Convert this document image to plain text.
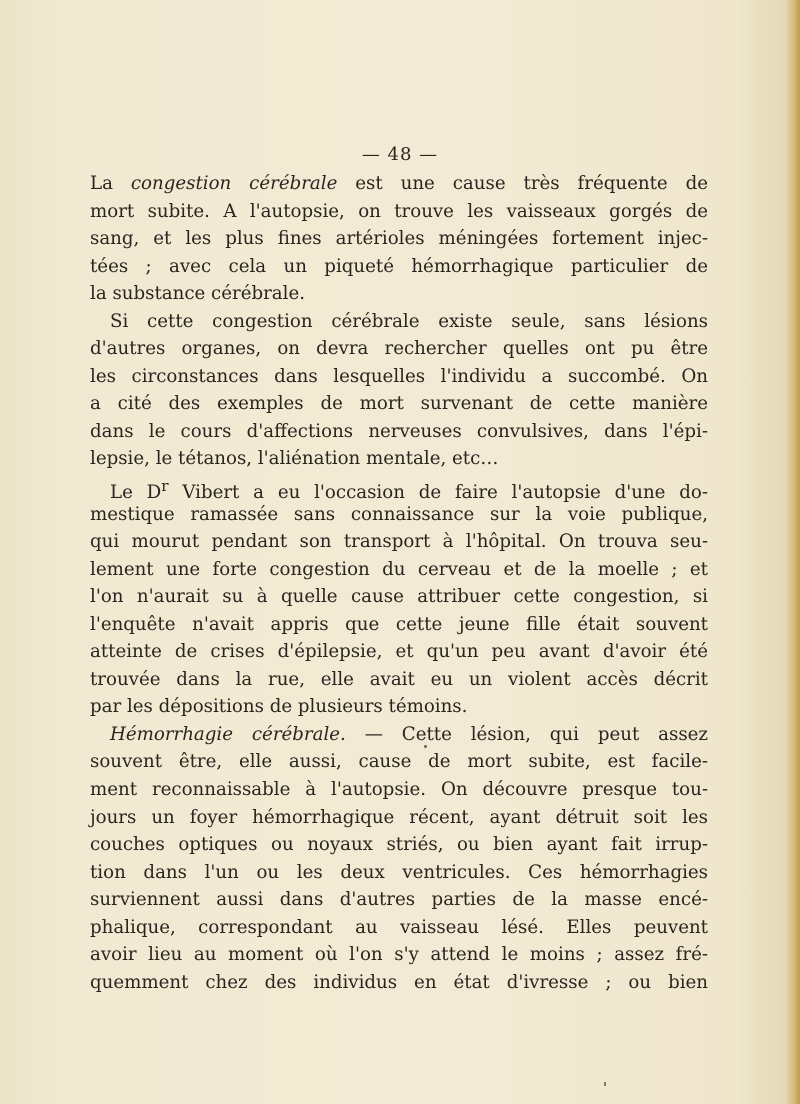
— 48 —
La congestion cérébrale est une cause très fréquente de
mort subite. A l'autopsie, on trouve les vaisseaux gorgés de
sang, et les plus fines artérioles méningées fortement injec-
tées ; avec cela un piqueté hémorrhagique particulier de
la substance cérébrale.
Si cette congestion cérébrale existe seule, sans lésions
d'autres organes, on devra rechercher quelles ont pu être
les circonstances dans lesquelles l'individu a succombé. On
a cité des exemples de mort survenant de cette manière
dans le cours d'affections nerveuses convulsives, dans l'épi-
lepsie, le tétanos, l'aliénation mentale, etc…
Le $D^r$ Vibert a eu l'occasion de faire l'autopsie d'une do-
mestique ramassée sans connaissance sur la voie publique,
qui mourut pendant son transport à l'hôpital. On trouva seu-
lement une forte congestion du cerveau et de la moelle ; et
l'on n'aurait su à quelle cause attribuer cette congestion, si
l'enquête n'avait appris que cette jeune fille était souvent
atteinte de crises d'épilepsie, et qu'un peu avant d'avoir été
trouvée dans la rue, elle avait eu un violent accès décrit
par les dépositions de plusieurs témoins.
Hémorrhagie cérébrale. — Cette lésion, qui peut assez
souvent être, elle aussi, cause de mort subite, est facile-
ment reconnaissable à l'autopsie. On découvre presque tou-
jours un foyer hémorrhagique récent, ayant détruit soit les
couches optiques ou noyaux striés, ou bien ayant fait irrup-
tion dans l'un ou les deux ventricules. Ces hémorrhagies
surviennent aussi dans d'autres parties de la masse encé-
phalique, correspondant au vaisseau lésé. Elles peuvent
avoir lieu au moment où l'on s'y attend le moins ; assez fré-
quemment chez des individus en état d'ivresse ; ou bien
